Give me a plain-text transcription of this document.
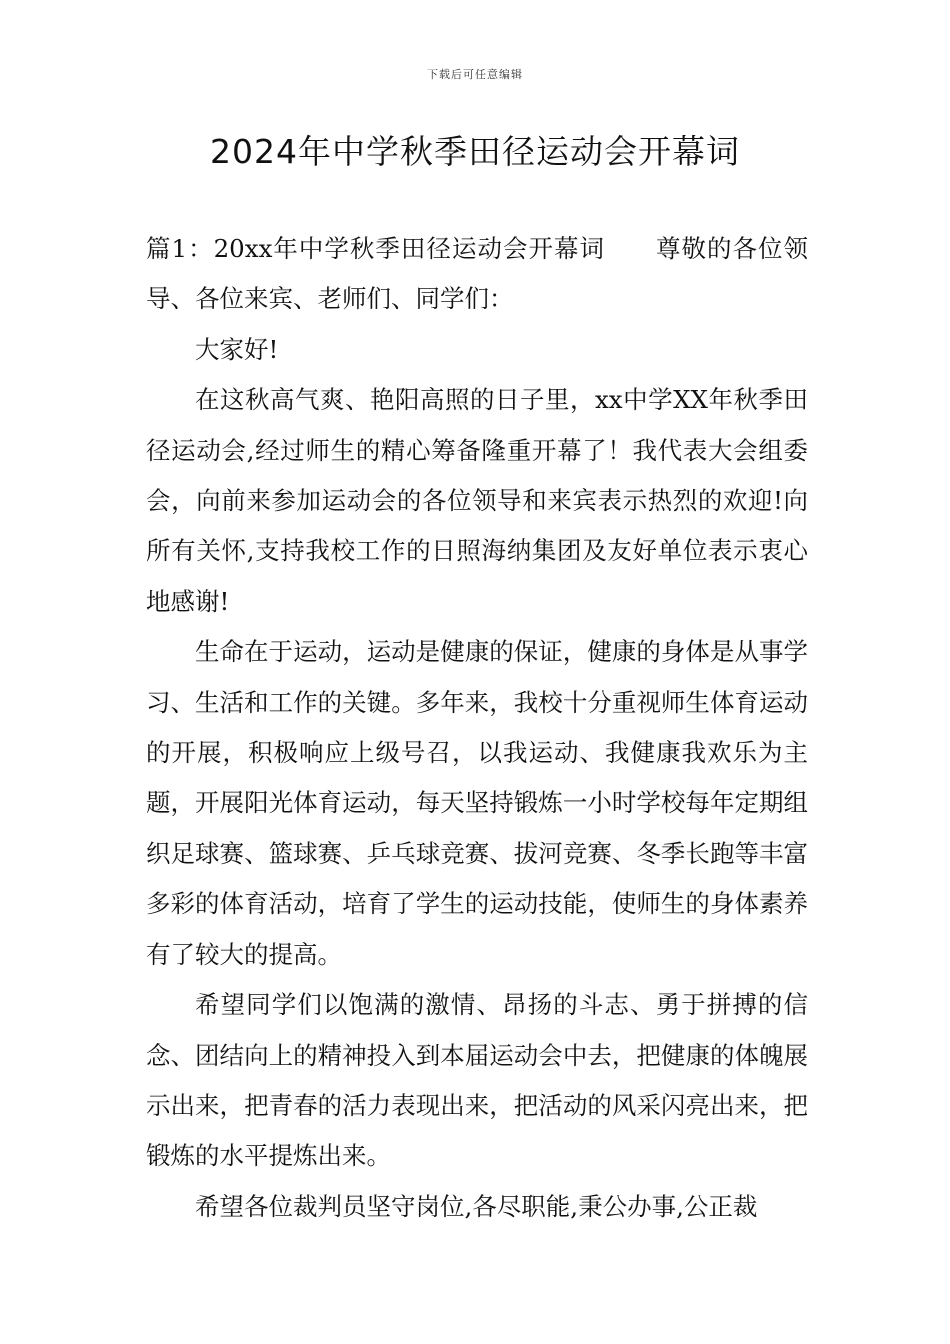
下载后可任意编辑
2024年中学秋季田径运动会开幕词

篇1：20xx年中学秋季田径运动会开幕词 尊敬的各位领导、各位来宾、老师们、同学们：

大家好!

在这秋高气爽、艳阳高照的日子里，xx中学XX年秋季田径运动会,经过师生的精心筹备隆重开幕了！我代表大会组委会，向前来参加运动会的各位领导和来宾表示热烈的欢迎!向所有关怀,支持我校工作的日照海纳集团及友好单位表示衷心地感谢!

生命在于运动，运动是健康的保证，健康的身体是从事学习、生活和工作的关键。多年来，我校十分重视师生体育运动的开展，积极响应上级号召，以我运动、我健康我欢乐为主题，开展阳光体育运动，每天坚持锻炼一小时学校每年定期组织足球赛、篮球赛、乒乓球竞赛、拔河竞赛、冬季长跑等丰富多彩的体育活动，培育了学生的运动技能，使师生的身体素养有了较大的提高。

希望同学们以饱满的激情、昂扬的斗志、勇于拼搏的信念、团结向上的精神投入到本届运动会中去，把健康的体魄展示出来，把青春的活力表现出来，把活动的风采闪亮出来，把锻炼的水平提炼出来。

希望各位裁判员坚守岗位,各尽职能,秉公办事,公正裁
